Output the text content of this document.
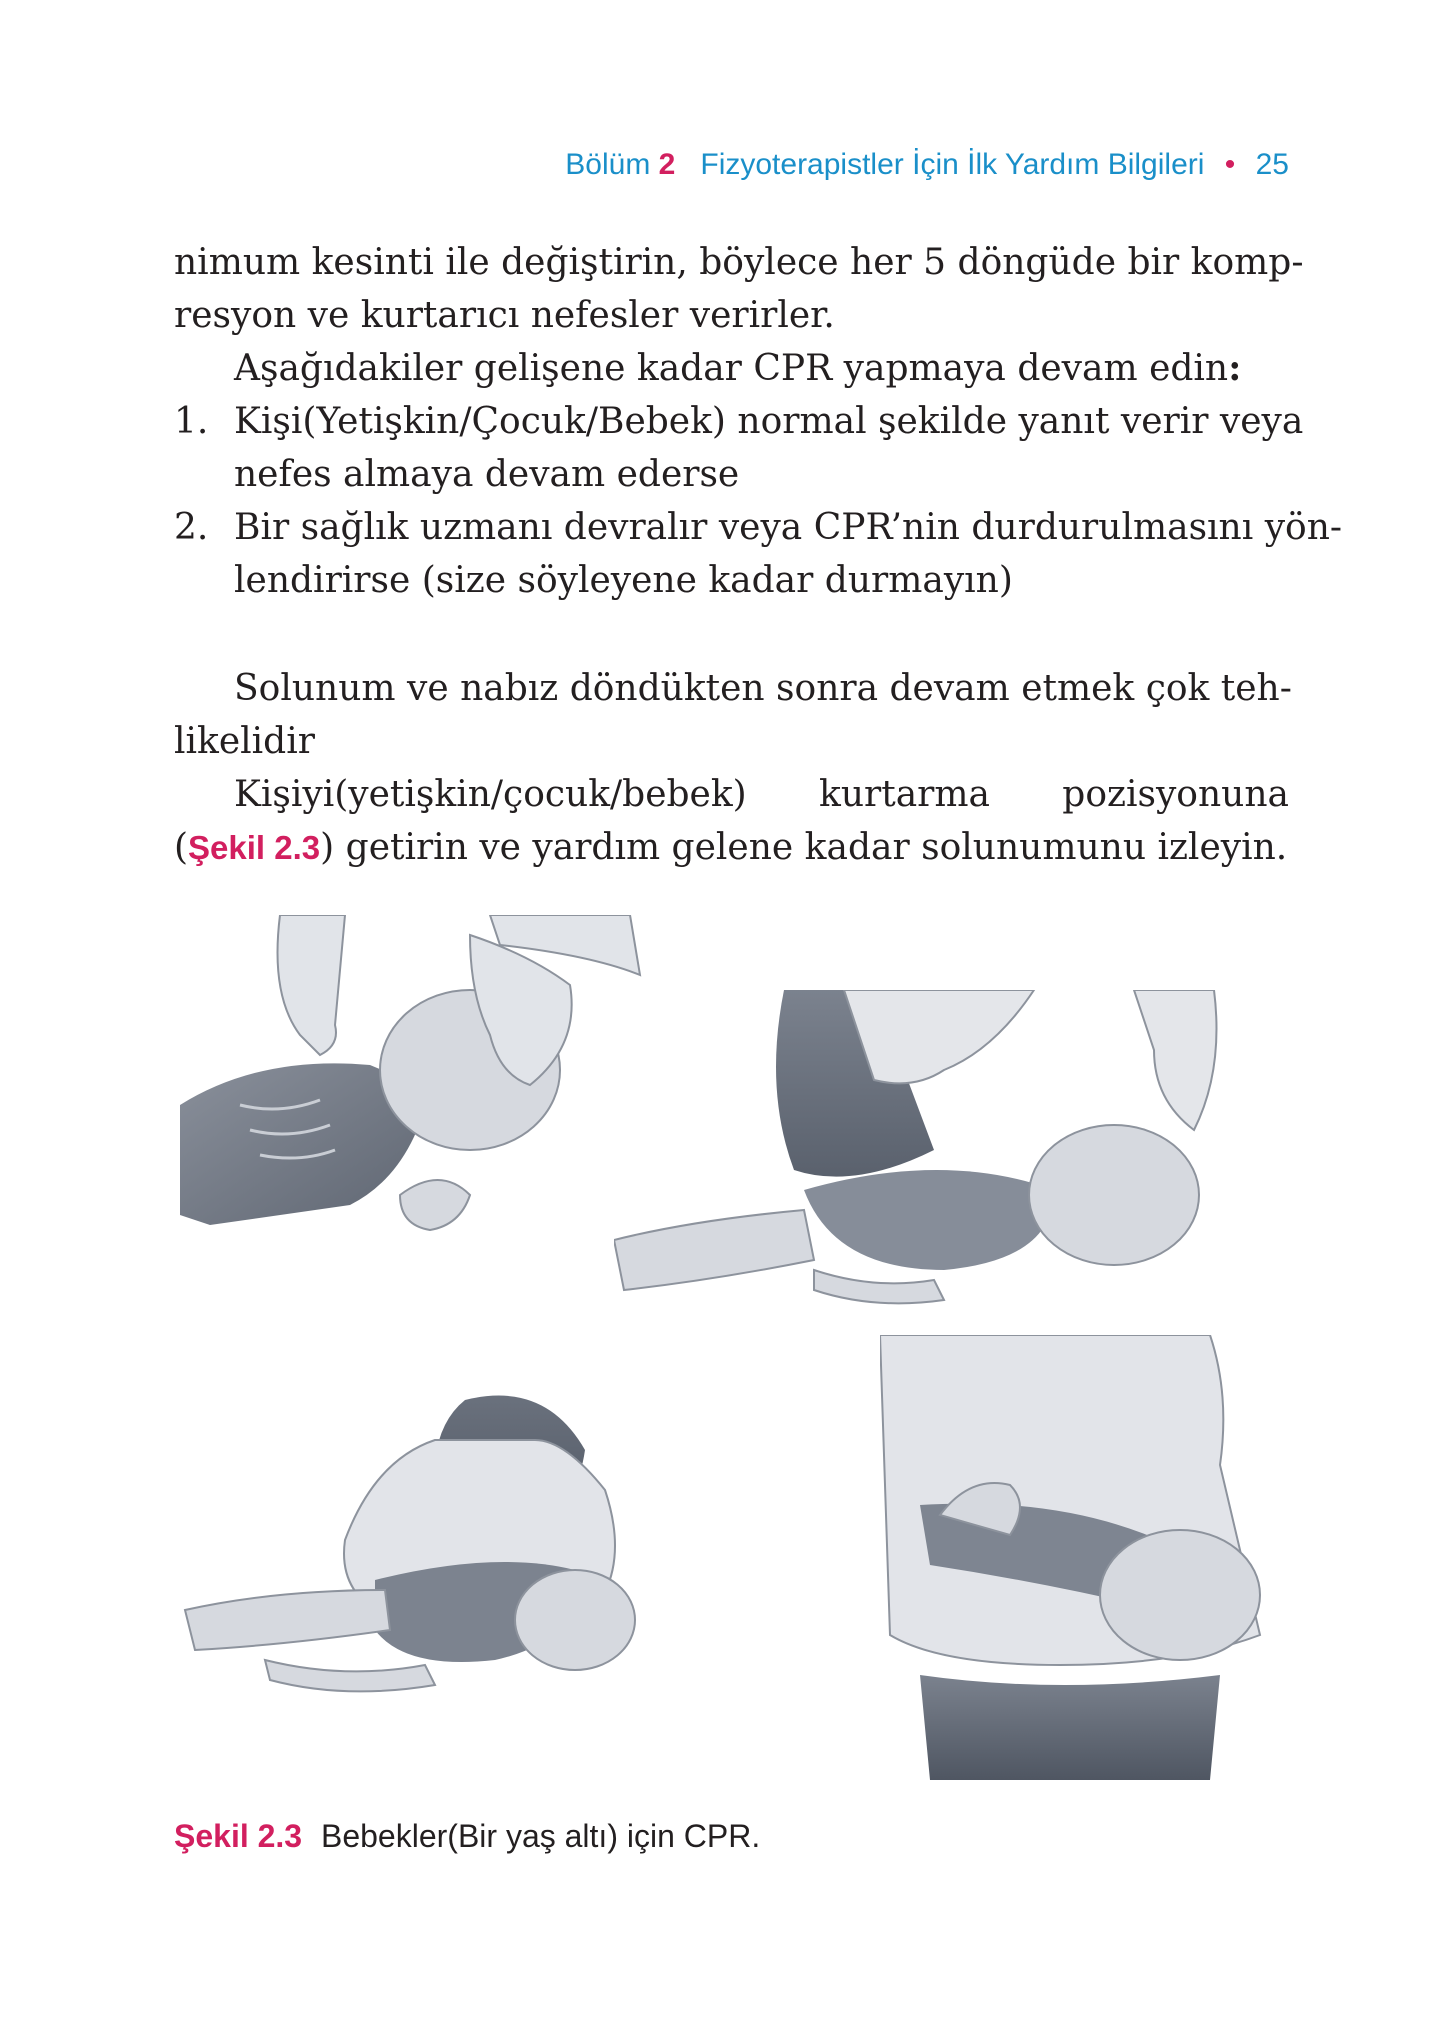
Bölüm 2 Fizyoterapistler İçin İlk Yardım Bilgileri • 25
nimum kesinti ile değiştirin, böylece her 5 döngüde bir komp-
resyon ve kurtarıcı nefesler verirler.
Aşağıdakiler gelişene kadar CPR yapmaya devam edin:
1. Kişi(Yetişkin/Çocuk/Bebek) normal şekilde yanıt verir veya
nefes almaya devam ederse
2. Bir sağlık uzmanı devralır veya CPR’nin durdurulmasını yön-
lendirirse (size söyleyene kadar durmayın)
Solunum ve nabız döndükten sonra devam etmek çok teh-
likelidir
Kişiyi(yetişkin/çocuk/bebek) kurtarma pozisyonuna
(Şekil 2.3) getirin ve yardım gelene kadar solunumunu izleyin.
Şekil 2.3 Bebekler(Bir yaş altı) için CPR.
